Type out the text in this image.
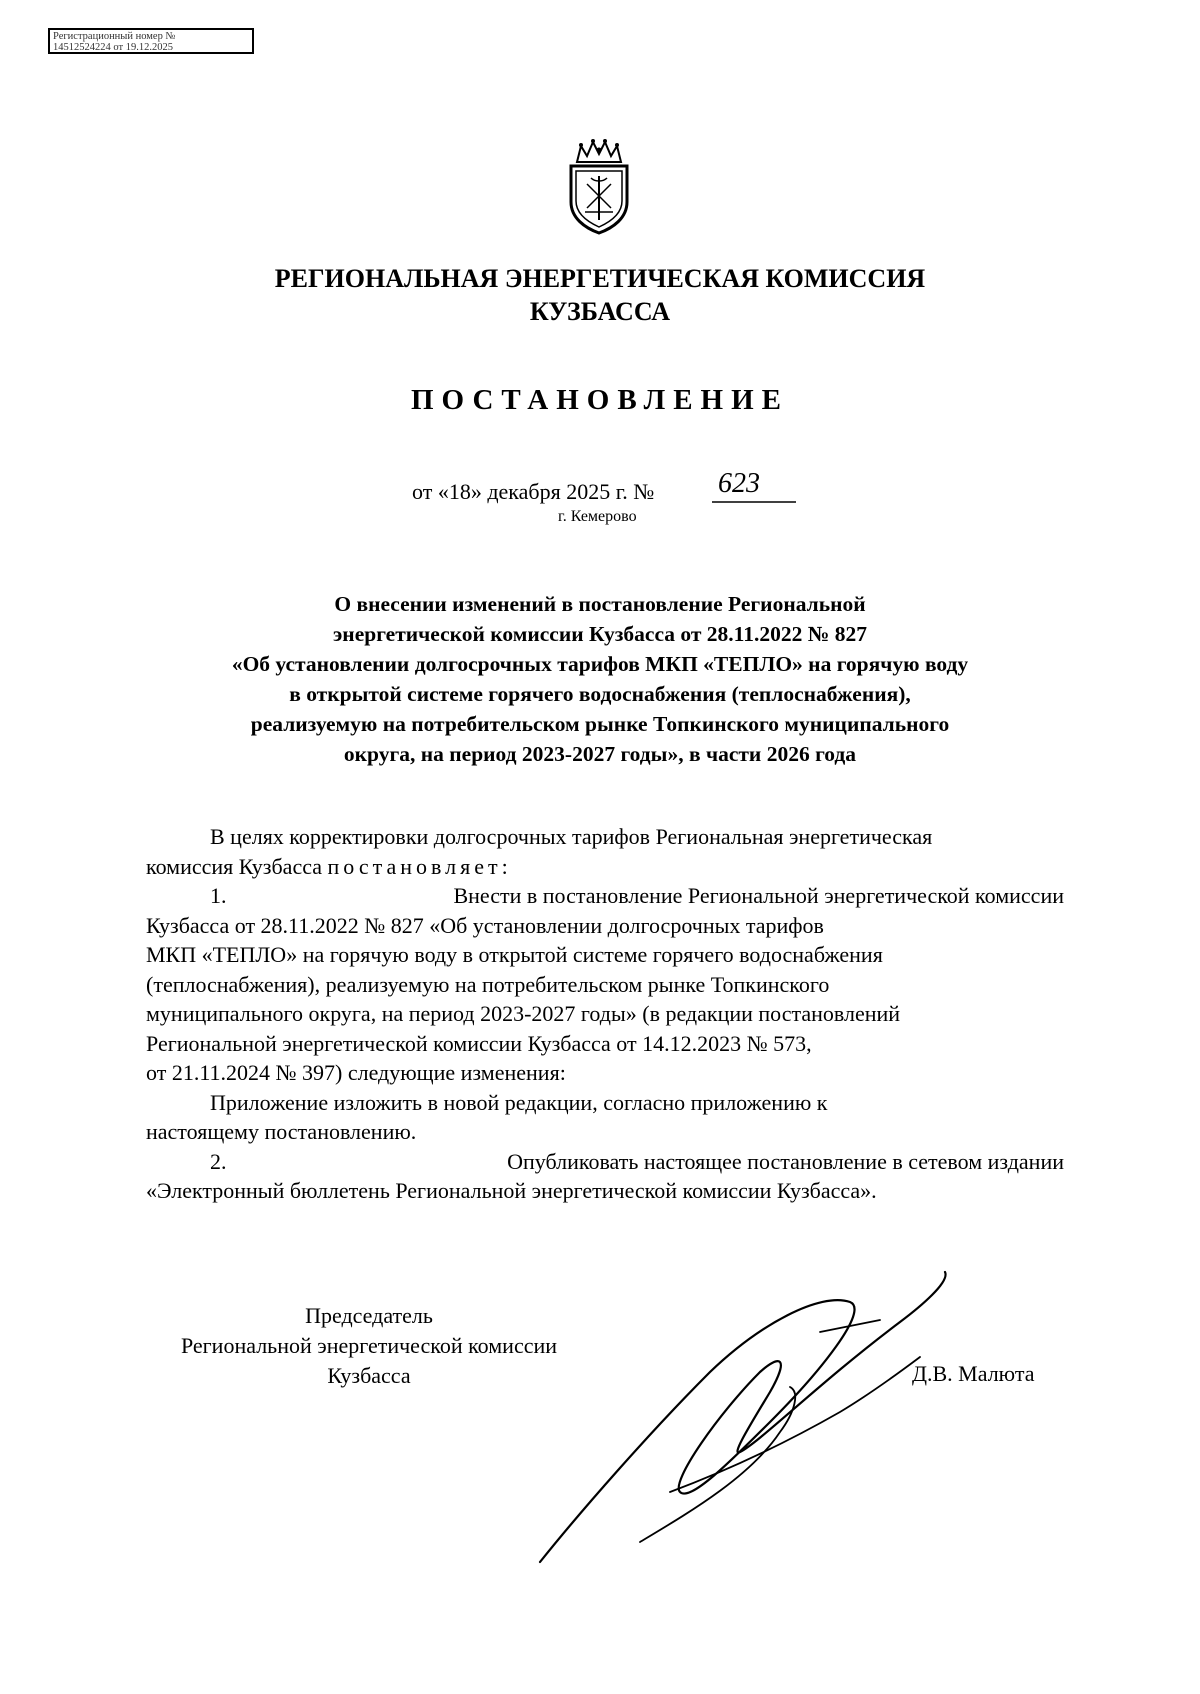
Регистрационный номер №
14512524224 от 19.12.2025
РЕГИОНАЛЬНАЯ ЭНЕРГЕТИЧЕСКАЯ КОМИССИЯ
КУЗБАССА
ПОСТАНОВЛЕНИЕ
от «18» декабря 2025 г. № 623
г. Кемерово
О внесении изменений в постановление Региональной
энергетической комиссии Кузбасса от 28.11.2022 № 827
«Об установлении долгосрочных тарифов МКП «ТЕПЛО» на горячую воду
в открытой системе горячего водоснабжения (теплоснабжения),
реализуемую на потребительском рынке Топкинского муниципального
округа, на период 2023-2027 годы», в части 2026 года
В целях корректировки долгосрочных тарифов Региональная энергетическая
комиссия Кузбасса постановляет:
1.	Внести в постановление Региональной энергетической комиссии
Кузбасса от 28.11.2022 № 827 «Об установлении долгосрочных тарифов
МКП «ТЕПЛО» на горячую воду в открытой системе горячего водоснабжения
(теплоснабжения), реализуемую на потребительском рынке Топкинского
муниципального округа, на период 2023-2027 годы» (в редакции постановлений
Региональной энергетической комиссии Кузбасса от 14.12.2023 № 573,
от 21.11.2024 № 397) следующие изменения:
Приложение изложить в новой редакции, согласно приложению к
настоящему постановлению.
2.	Опубликовать настоящее постановление в сетевом издании
«Электронный бюллетень Региональной энергетической комиссии Кузбасса».
Председатель
Региональной энергетической комиссии
Кузбасса	Д.В. Малюта
